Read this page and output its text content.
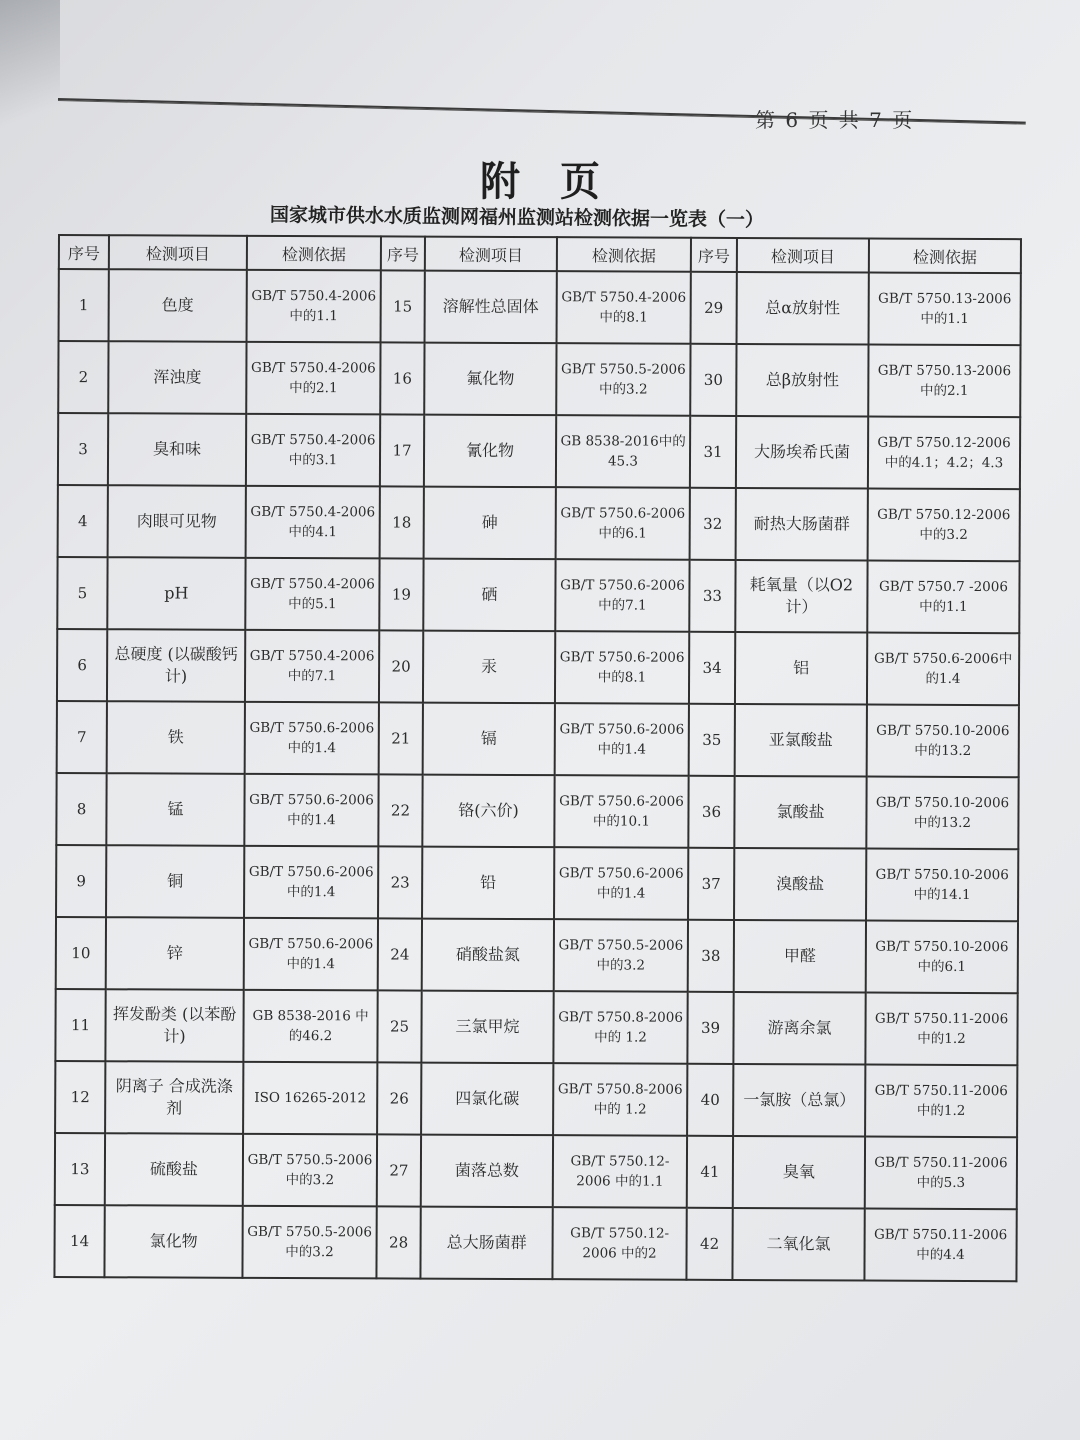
第 6 页 共 7 页
附页
国家城市供水水质监测网福州监测站检测依据一览表（一）
序号	检测项目	检测依据	序号	检测项目	检测依据	序号	检测项目	检测依据
1	色度	GB/T 5750.4-2006 中的1.1	15	溶解性总固体	GB/T 5750.4-2006 中的8.1	29	总α放射性	GB/T 5750.13-2006 中的1.1
2	浑浊度	GB/T 5750.4-2006 中的2.1	16	氟化物	GB/T 5750.5-2006 中的3.2	30	总β放射性	GB/T 5750.13-2006 中的2.1
3	臭和味	GB/T 5750.4-2006 中的3.1	17	氰化物	GB 8538-2016中的 45.3	31	大肠埃希氏菌	GB/T 5750.12-2006 中的4.1；4.2；4.3
4	肉眼可见物	GB/T 5750.4-2006 中的4.1	18	砷	GB/T 5750.6-2006 中的6.1	32	耐热大肠菌群	GB/T 5750.12-2006 中的3.2
5	pH	GB/T 5750.4-2006 中的5.1	19	硒	GB/T 5750.6-2006 中的7.1	33	耗氧量（以O2 计）	GB/T 5750.7 -2006 中的1.1
6	总硬度 (以碳酸钙计)	GB/T 5750.4-2006 中的7.1	20	汞	GB/T 5750.6-2006 中的8.1	34	铝	GB/T 5750.6-2006中 的1.4
7	铁	GB/T 5750.6-2006 中的1.4	21	镉	GB/T 5750.6-2006 中的1.4	35	亚氯酸盐	GB/T 5750.10-2006 中的13.2
8	锰	GB/T 5750.6-2006 中的1.4	22	铬(六价)	GB/T 5750.6-2006 中的10.1	36	氯酸盐	GB/T 5750.10-2006 中的13.2
9	铜	GB/T 5750.6-2006 中的1.4	23	铅	GB/T 5750.6-2006 中的1.4	37	溴酸盐	GB/T 5750.10-2006 中的14.1
10	锌	GB/T 5750.6-2006 中的1.4	24	硝酸盐氮	GB/T 5750.5-2006 中的3.2	38	甲醛	GB/T 5750.10-2006 中的6.1
11	挥发酚类 (以苯酚计)	GB 8538-2016 中的46.2	25	三氯甲烷	GB/T 5750.8-2006 中的 1.2	39	游离余氯	GB/T 5750.11-2006 中的1.2
12	阴离子 合成洗涤剂	ISO 16265-2012	26	四氯化碳	GB/T 5750.8-2006 中的 1.2	40	一氯胺（总氯）	GB/T 5750.11-2006 中的1.2
13	硫酸盐	GB/T 5750.5-2006 中的3.2	27	菌落总数	GB/T 5750.12-2006 中的1.1	41	臭氧	GB/T 5750.11-2006 中的5.3
14	氯化物	GB/T 5750.5-2006 中的3.2	28	总大肠菌群	GB/T 5750.12-2006 中的2	42	二氧化氯	GB/T 5750.11-2006 中的4.4
